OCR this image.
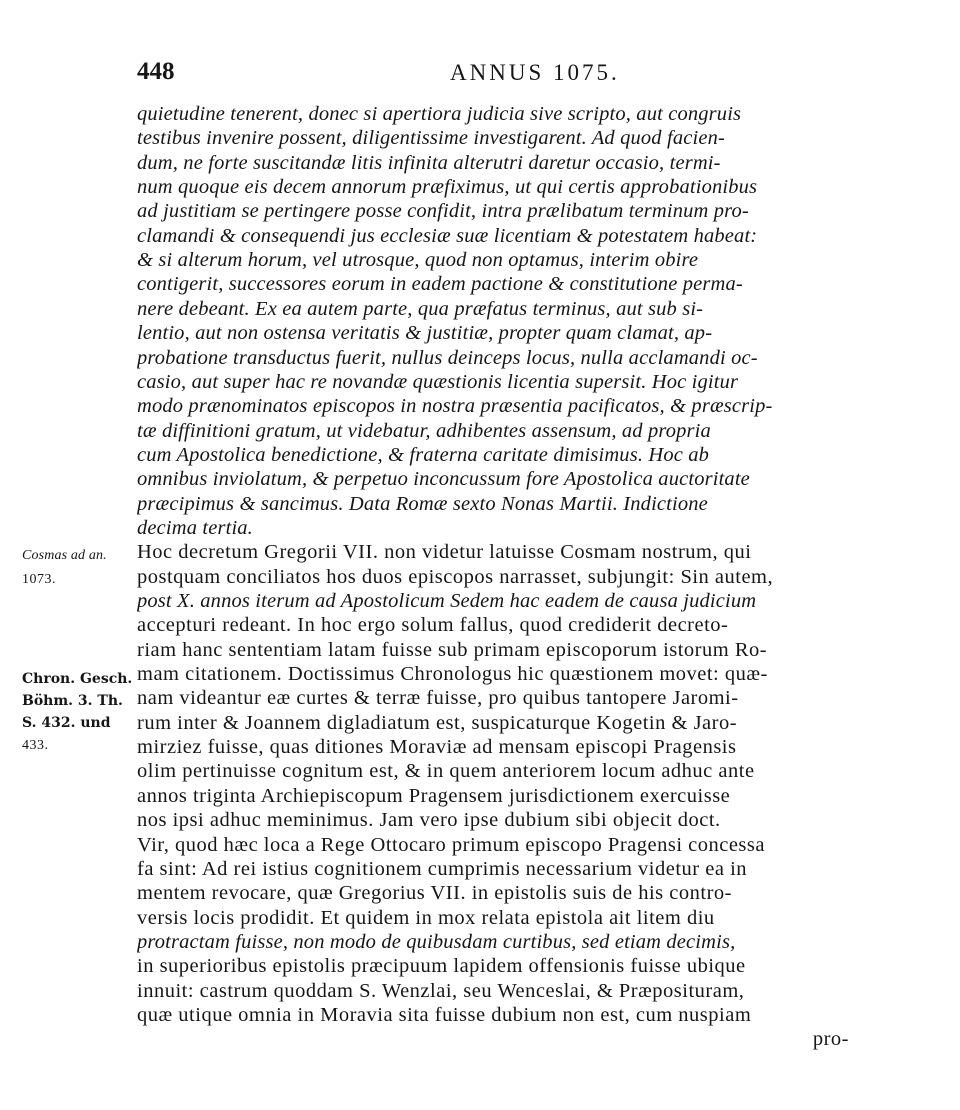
448	ANNUS 1075.
quietudine tenerent, donec si apertiora judicia sive scripto, aut congruis
testibus invenire possent, diligentissime investigarent. Ad quod facien-
dum, ne forte suscitandæ litis infinita alterutri daretur occasio, termi-
num quoque eis decem annorum præfiximus, ut qui certis approbationibus
ad justitiam se pertingere posse confidit, intra prælibatum terminum pro-
clamandi & consequendi jus ecclesiæ suæ licentiam & potestatem habeat:
& si alterum horum, vel utrosque, quod non optamus, interim obire
contigerit, successores eorum in eadem pactione & constitutione perma-
nere debeant. Ex ea autem parte, qua præfatus terminus, aut sub si-
lentio, aut non ostensa veritatis & justitiæ, propter quam clamat, ap-
probatione transductus fuerit, nullus deinceps locus, nulla acclamandi oc-
casio, aut super hac re novandæ quæstionis licentia supersit. Hoc igitur
modo prænominatos episcopos in nostra præsentia pacificatos, & præscrip-
tæ diffinitioni gratum, ut videbatur, adhibentes assensum, ad propria
cum Apostolica benedictione, & fraterna caritate dimisimus. Hoc ab
omnibus inviolatum, & perpetuo inconcussum fore Apostolica auctoritate
præcipimus & sancimus. Data Romæ sexto Nonas Martii. Indictione
decima tertia.
Hoc decretum Gregorii VII. non videtur latuisse Cosmam nostrum, qui
postquam conciliatos hos duos episcopos narrasset, subjungit: Sin autem,
post X. annos iterum ad Apostolicum Sedem hac eadem de causa judicium
accepturi redeant. In hoc ergo solum fallus, quod crediderit decreto-
riam hanc sententiam latam fuisse sub primam episcoporum istorum Ro-
mam citationem. Doctissimus Chronologus hic quæstionem movet: quæ-
nam videantur eæ curtes & terræ fuisse, pro quibus tantopere Jaromi-
rum inter & Joannem digladiatum est, suspicaturque Kogetin & Jaro-
mirziez fuisse, quas ditiones Moraviæ ad mensam episcopi Pragensis
olim pertinuisse cognitum est, & in quem anteriorem locum adhuc ante
annos triginta Archiepiscopum Pragensem jurisdictionem exercuisse
nos ipsi adhuc meminimus. Jam vero ipse dubium sibi objecit doct.
Vir, quod hæc loca a Rege Ottocaro primum episcopo Pragensi concessa
fa sint: Ad rei istius cognitionem cumprimis necessarium videtur ea in
mentem revocare, quæ Gregorius VII. in epistolis suis de his contro-
versis locis prodidit. Et quidem in mox relata epistola ait litem diu
protractam fuisse, non modo de quibusdam curtibus, sed etiam decimis,
in superioribus epistolis præcipuum lapidem offensionis fuisse ubique
innuit: castrum quoddam S. Wenzlai, seu Wenceslai, & Præposituram,
quæ utique omnia in Moravia sita fuisse dubium non est, cum nuspiam
pro-
Cosmas ad an.
1073.
Chron. Gesch.
Böhm. 3. Th.
S. 432. und
433.
